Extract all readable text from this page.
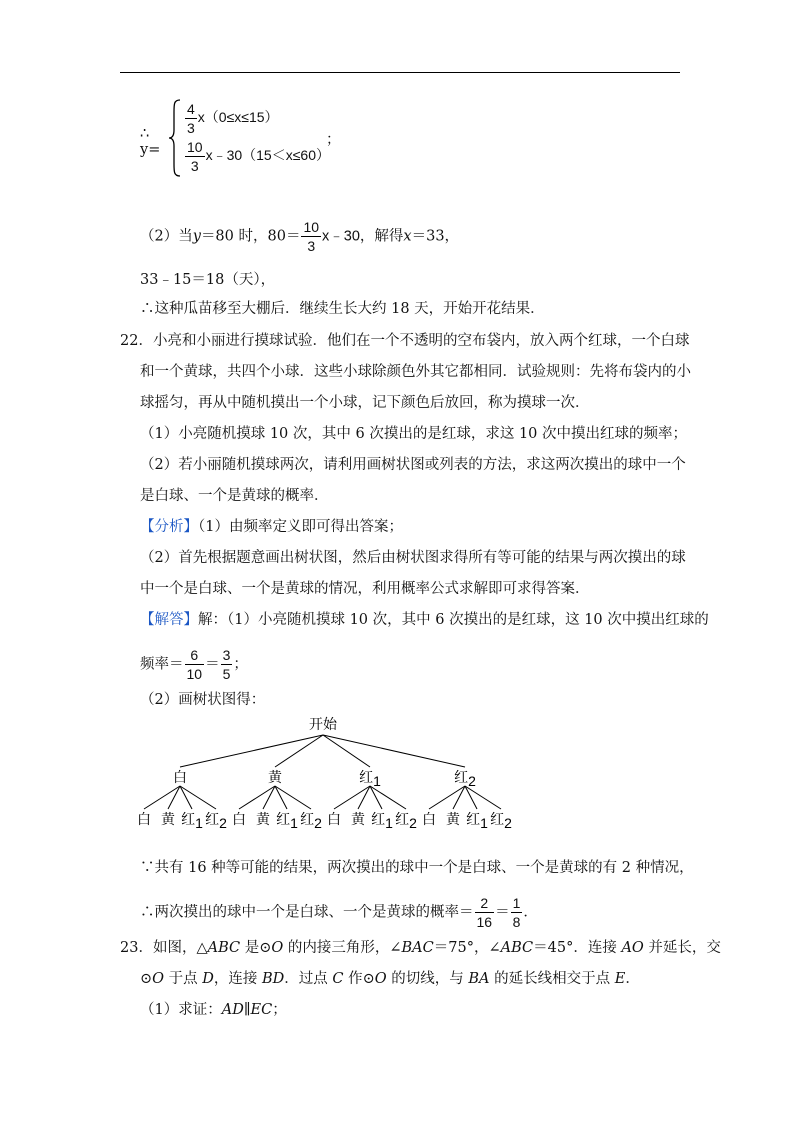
∴ y=
$\frac{4}{3} x(0\le x\le 15)$
$\frac{10}{3}$ x﹣30（15＜x≤60）
；
（2）当y＝80 时，$80= \frac{10}{3}$ x﹣30，解得x＝33，
33﹣15＝18（天），
∴这种瓜苗移至大棚后．继续生长大约 18 天，开始开花结果．
22．小亮和小丽进行摸球试验．他们在一个不透明的空布袋内，放入两个红球，一个白球
和一个黄球，共四个小球．这些小球除颜色外其它都相同．试验规则：先将布袋内的小
球摇匀，再从中随机摸出一个小球，记下颜色后放回，称为摸球一次．
（1）小亮随机摸球 10 次，其中 6 次摸出的是红球，求这 10 次中摸出红球的频率；
（2）若小丽随机摸球两次，请利用画树状图或列表的方法，求这两次摸出的球中一个
是白球、一个是黄球的概率．
【分析】（1）由频率定义即可得出答案；
（2）首先根据题意画出树状图，然后由树状图求得所有等可能的结果与两次摸出的球
中一个是白球、一个是黄球的情况，利用概率公式求解即可求得答案．
【解答】解：（1）小亮随机摸球 10 次，其中 6 次摸出的是红球，这 10 次中摸出红球的
频率＝ $\frac{6}{10} = \frac{3}{5}$ ；
（2）画树状图得：
开始
白
白 黄 红1 红2
黄
白 黄 红1 红2
红1
白 黄 红1 红2
红2
白 黄 红1 红2
∵共有 16 种等可能的结果，两次摸出的球中一个是白球、一个是黄球的有 2 种情况，
∴两次摸出的球中一个是白球、一个是黄球的概率＝ $\frac{2}{16} = \frac{1}{8}$ ．
23．如图，△ABC 是⊙O 的内接三角形，∠BAC＝75°，∠ABC＝45°．连接 AO 并延长，交
⊙O 于点 D，连接 BD．过点 C 作⊙O 的切线，与 BA 的延长线相交于点 E．
（1）求证：AD∥EC；
